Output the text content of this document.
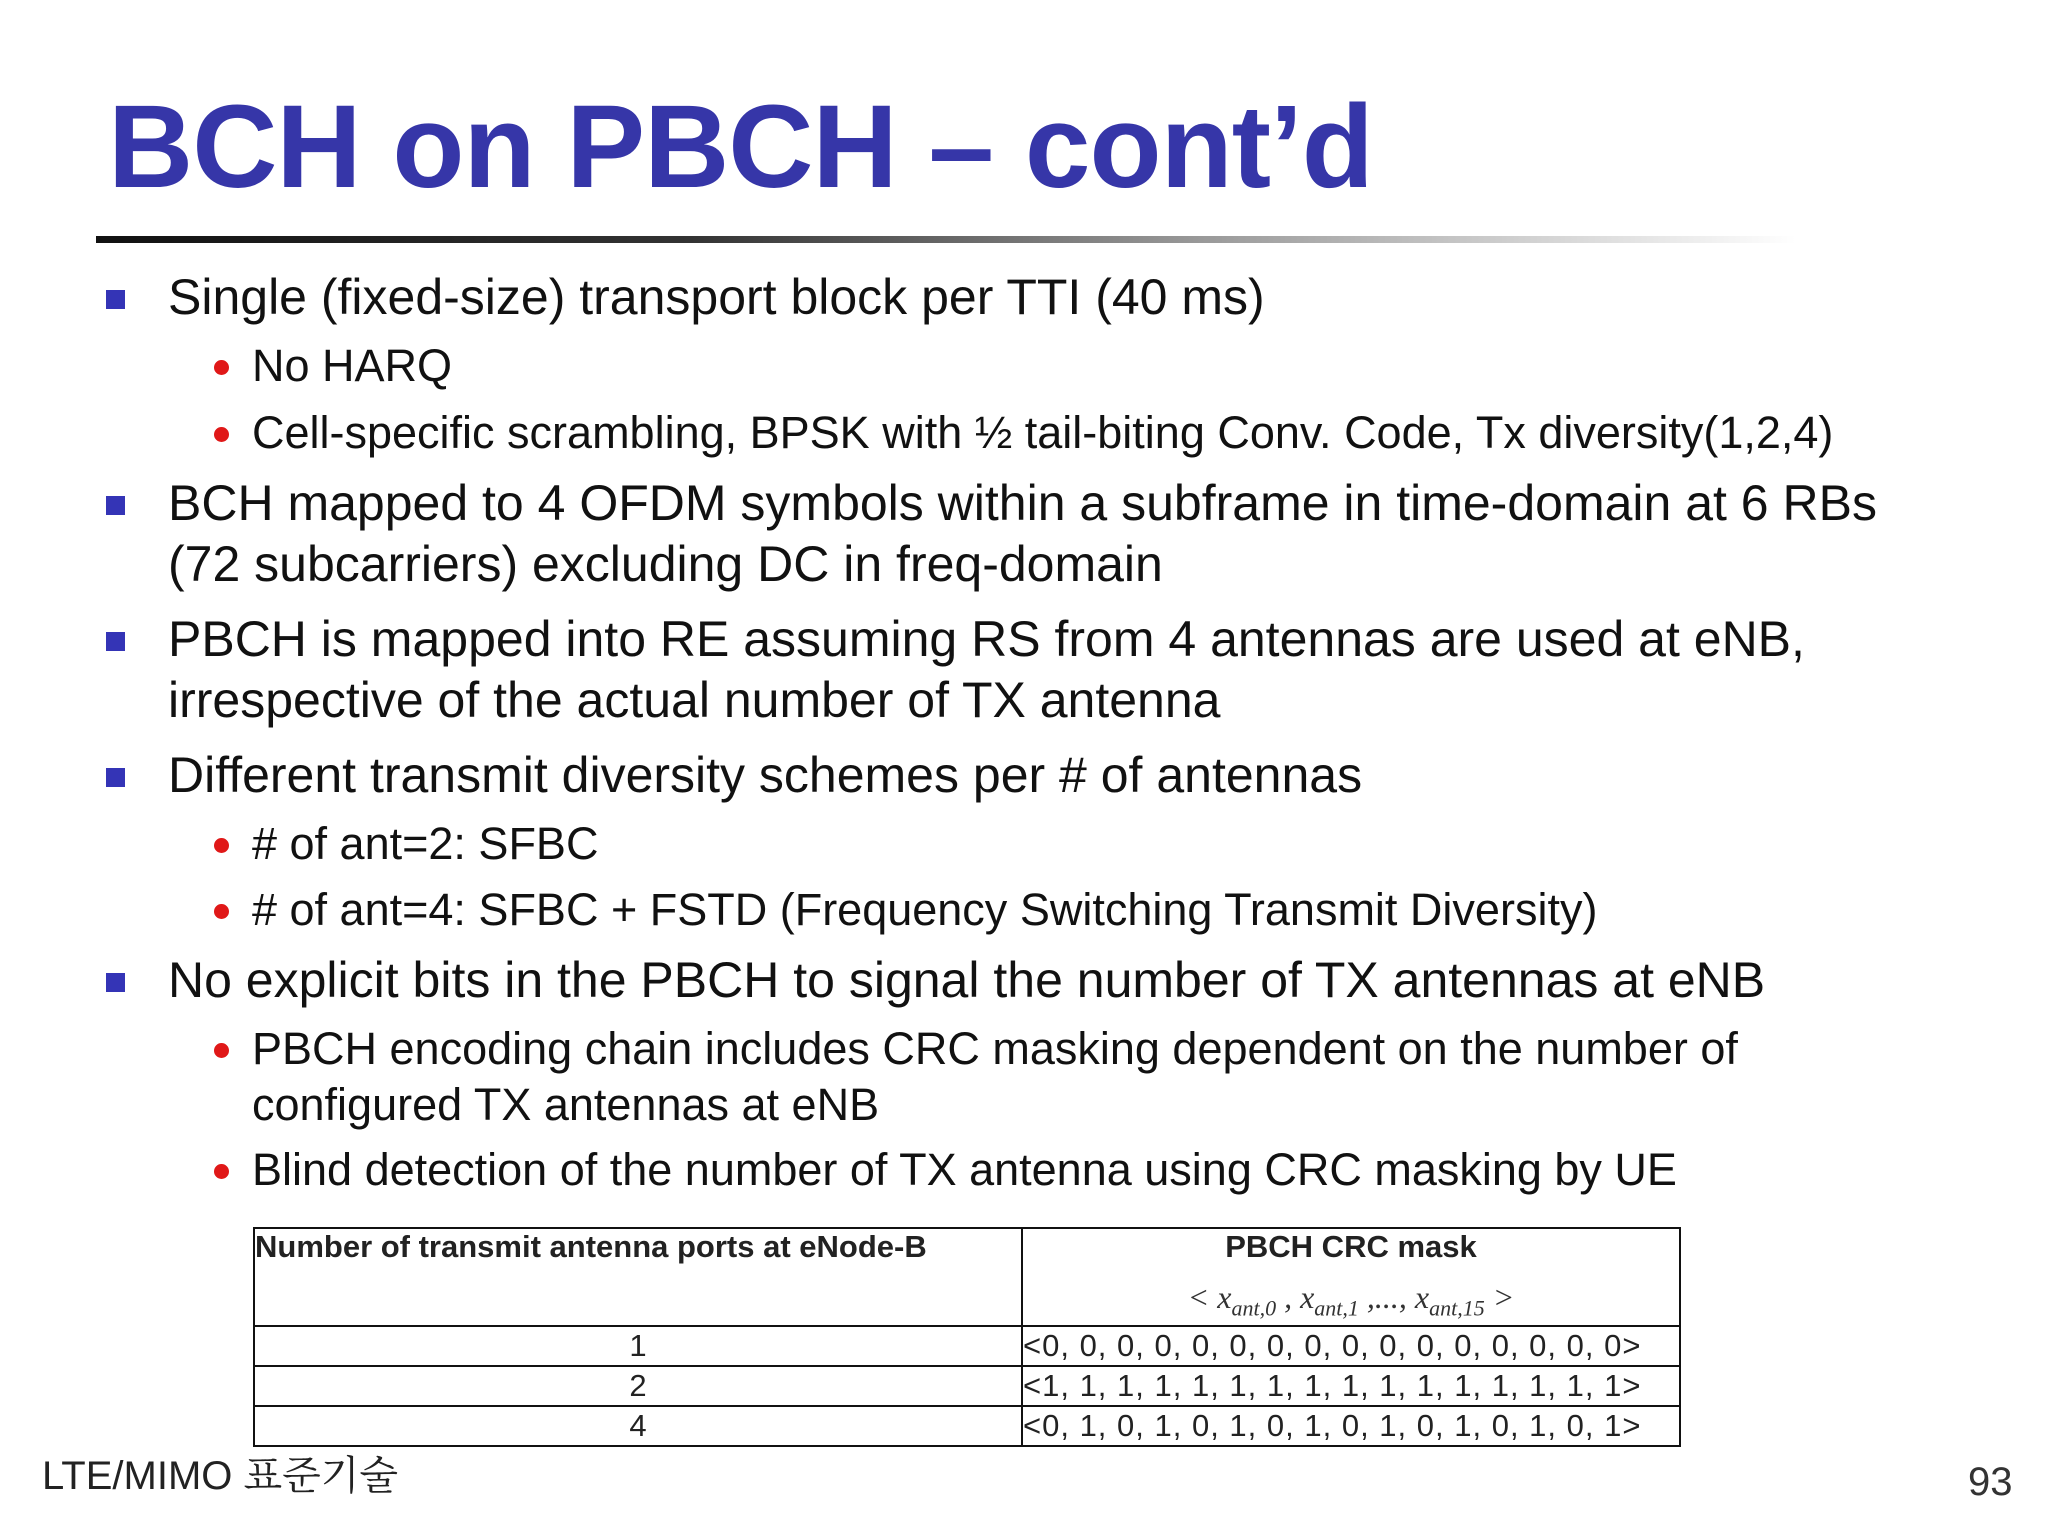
BCH on PBCH – cont’d
Single (fixed-size) transport block per TTI (40 ms)
No HARQ
Cell-specific scrambling, BPSK with ½ tail-biting Conv. Code, Tx diversity(1,2,4)
BCH mapped to 4 OFDM symbols within a subframe in time-domain at 6 RBs
(72 subcarriers) excluding DC in freq-domain
PBCH is mapped into RE assuming RS from 4 antennas are used at eNB,
irrespective of the actual number of TX antenna
Different transmit diversity schemes per # of antennas
# of ant=2: SFBC
# of ant=4: SFBC + FSTD (Frequency Switching Transmit Diversity)
No explicit bits in the PBCH to signal the number of TX antennas at eNB
PBCH encoding chain includes CRC masking dependent on the number of
configured TX antennas at eNB
Blind detection of the number of TX antenna using CRC masking by UE
Number of transmit antenna ports at eNode-B	PBCH CRC mask
< $x_{ant,0}$ , $x_{ant,1}$ ,..., $x_{ant,15}$ >

1	<0, 0, 0, 0, 0, 0, 0, 0, 0, 0, 0, 0, 0, 0, 0, 0>
2	<1, 1, 1, 1, 1, 1, 1, 1, 1, 1, 1, 1, 1, 1, 1, 1>
4	<0, 1, 0, 1, 0, 1, 0, 1, 0, 1, 0, 1, 0, 1, 0, 1>
LTE/MIMO 표준기술	93
